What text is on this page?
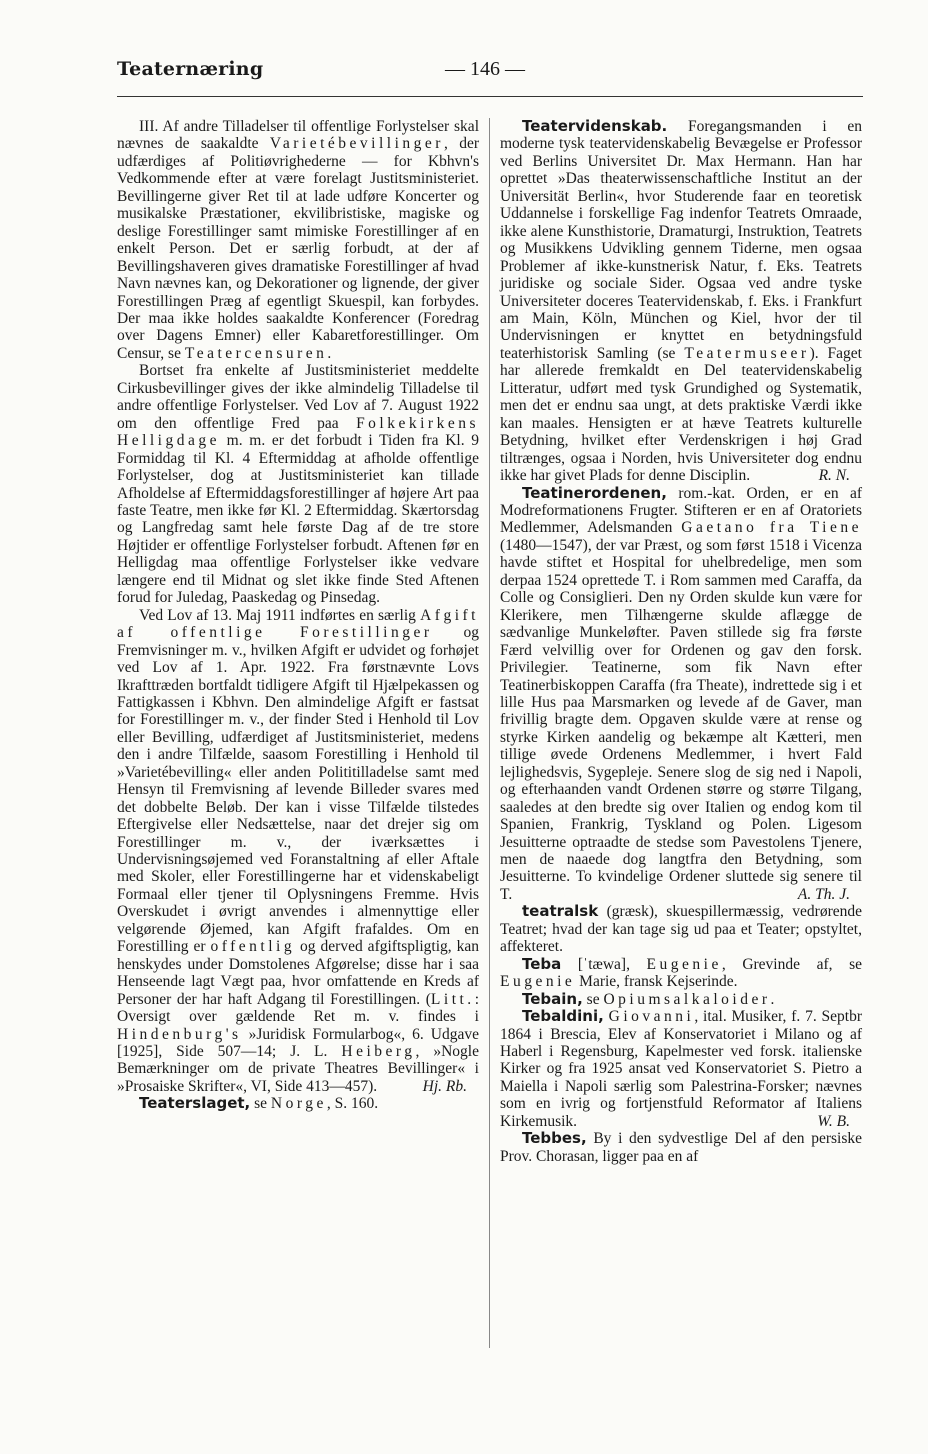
Teaternæring	— 146 —

III. Af andre Tilladelser til offentlige Forlystelser skal nævnes de saakaldte Varietébevillinger, der udfærdiges af Politiøvrighederne — for Kbhvn's Vedkommende efter at være forelagt Justitsministeriet. Bevillingerne giver Ret til at lade udføre Koncerter og musikalske Præstationer, ekvilibristiske, magiske og deslige Forestillinger samt mimiske Forestillinger af en enkelt Person. Det er særlig forbudt, at der af Bevillingshaveren gives dramatiske Forestillinger af hvad Navn nævnes kan, og Dekorationer og lignende, der giver Forestillingen Præg af egentligt Skuespil, kan forbydes. Der maa ikke holdes saakaldte Konferencer (Foredrag over Dagens Emner) eller Kabaretforestillinger. Om Censur, se Teatercensuren.

Bortset fra enkelte af Justitsministeriet meddelte Cirkusbevillinger gives der ikke almindelig Tilladelse til andre offentlige Forlystelser. Ved Lov af 7. August 1922 om den offentlige Fred paa Folkekirkens Helligdage m. m. er det forbudt i Tiden fra Kl. 9 Formiddag til Kl. 4 Eftermiddag at afholde offentlige Forlystelser, dog at Justitsministeriet kan tillade Afholdelse af Eftermiddagsforestillinger af højere Art paa faste Teatre, men ikke før Kl. 2 Eftermiddag. Skærtorsdag og Langfredag samt hele første Dag af de tre store Højtider er offentlige Forlystelser forbudt. Aftenen før en Helligdag maa offentlige Forlystelser ikke vedvare længere end til Midnat og slet ikke finde Sted Aftenen forud for Juledag, Paaskedag og Pinsedag.

Ved Lov af 13. Maj 1911 indførtes en særlig Afgift af offentlige Forestillinger og Fremvisninger m. v., hvilken Afgift er udvidet og forhøjet ved Lov af 1. Apr. 1922. Fra førstnævnte Lovs Ikrafttræden bortfaldt tidligere Afgift til Hjælpekassen og Fattigkassen i Kbhvn. Den almindelige Afgift er fastsat for Forestillinger m. v., der finder Sted i Henhold til Lov eller Bevilling, udfærdiget af Justitsministeriet, medens den i andre Tilfælde, saasom Forestilling i Henhold til »Varietébevilling« eller anden Polititilladelse samt med Hensyn til Fremvisning af levende Billeder svares med det dobbelte Beløb. Der kan i visse Tilfælde tilstedes Eftergivelse eller Nedsættelse, naar det drejer sig om Forestillinger m. v., der iværksættes i Undervisningsøjemed ved Foranstaltning af eller Aftale med Skoler, eller Forestillingerne har et videnskabeligt Formaal eller tjener til Oplysningens Fremme. Hvis Overskudet i øvrigt anvendes i almennyttige eller velgørende Øjemed, kan Afgift frafaldes. Om en Forestilling er offentlig og derved afgiftspligtig, kan henskydes under Domstolenes Afgørelse; disse har i saa Henseende lagt Vægt paa, hvor omfattende en Kreds af Personer der har haft Adgang til Forestillingen. (Litt.: Oversigt over gældende Ret m. v. findes i Hindenburg's »Juridisk Formularbog«, 6. Udgave [1925], Side 507—14; J. L. Heiberg, »Nogle Bemærkninger om de private Theatres Bevillinger« i »Prosaiske Skrifter«, VI, Side 413—457).	Hj. Rb.

Teaterslaget, se Norge, S. 160.

Teatervidenskab. Foregangsmanden i en moderne tysk teatervidenskabelig Bevægelse er Professor ved Berlins Universitet Dr. Max Hermann. Han har oprettet »Das theaterwissenschaftliche Institut an der Universität Berlin«, hvor Studerende faar en teoretisk Uddannelse i forskellige Fag indenfor Teatrets Omraade, ikke alene Kunsthistorie, Dramaturgi, Instruktion, Teatrets og Musikkens Udvikling gennem Tiderne, men ogsaa Problemer af ikke-kunstnerisk Natur, f. Eks. Teatrets juridiske og sociale Sider. Ogsaa ved andre tyske Universiteter doceres Teatervidenskab, f. Eks. i Frankfurt am Main, Köln, München og Kiel, hvor der til Undervisningen er knyttet en betydningsfuld teaterhistorisk Samling (se Teatermuseer). Faget har allerede fremkaldt en Del teatervidenskabelig Litteratur, udført med tysk Grundighed og Systematik, men det er endnu saa ungt, at dets praktiske Værdi ikke kan maales. Hensigten er at hæve Teatrets kulturelle Betydning, hvilket efter Verdenskrigen i høj Grad tiltrænges, ogsaa i Norden, hvis Universiteter dog endnu ikke har givet Plads for denne Disciplin.	R. N.

Teatinerordenen, rom.-kat. Orden, er en af Modreformationens Frugter. Stifteren er en af Oratoriets Medlemmer, Adelsmanden Gaetano fra Tiene (1480—1547), der var Præst, og som først 1518 i Vicenza havde stiftet et Hospital for uhelbredelige, men som derpaa 1524 oprettede T. i Rom sammen med Caraffa, da Colle og Consiglieri. Den ny Orden skulde kun være for Klerikere, men Tilhængerne skulde aflægge de sædvanlige Munkeløfter. Paven stillede sig fra første Færd velvillig over for Ordenen og gav den forsk. Privilegier. Teatinerne, som fik Navn efter Teatinerbiskoppen Caraffa (fra Theate), indrettede sig i et lille Hus paa Marsmarken og levede af de Gaver, man frivillig bragte dem. Opgaven skulde være at rense og styrke Kirken aandelig og bekæmpe alt Kætteri, men tillige øvede Ordenens Medlemmer, i hvert Fald lejlighedsvis, Sygepleje. Senere slog de sig ned i Napoli, og efterhaanden vandt Ordenen større og større Tilgang, saaledes at den bredte sig over Italien og endog kom til Spanien, Frankrig, Tyskland og Polen. Ligesom Jesuitterne optraadte de stedse som Pavestolens Tjenere, men de naaede dog langtfra den Betydning, som Jesuitterne. To kvindelige Ordener sluttede sig senere til T.	A. Th. J.

teatralsk (græsk), skuespillermæssig, vedrørende Teatret; hvad der kan tage sig ud paa et Teater; opstyltet, affekteret.

Teba [ˈtæwa], Eugenie, Grevinde af, se Eugenie Marie, fransk Kejserinde.

Tebain, se Opiumsalkaloider.

Tebaldini, Giovanni, ital. Musiker, f. 7. Septbr 1864 i Brescia, Elev af Konservatoriet i Milano og af Haberl i Regensburg, Kapelmester ved forsk. italienske Kirker og fra 1925 ansat ved Konservatoriet S. Pietro a Maiella i Napoli særlig som Palestrina-Forsker; nævnes som en ivrig og fortjenstfuld Reformator af Italiens Kirkemusik.	W. B.

Tebbes, By i den sydvestlige Del af den persiske Prov. Chorasan, ligger paa en af
